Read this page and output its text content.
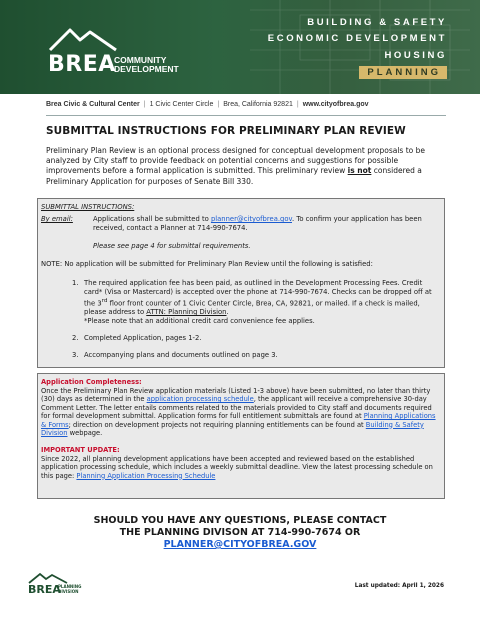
BREA
COMMUNITY
DEVELOPMENT
BUILDING & SAFETY
ECONOMIC DEVELOPMENT
HOUSING
PLANNING
Brea Civic & Cultural Center | 1 Civic Center Circle | Brea, California 92821 | www.cityofbrea.gov
SUBMITTAL INSTRUCTIONS FOR PRELIMINARY PLAN REVIEW

Preliminary Plan Review is an optional process designed for conceptual development proposals to be analyzed by City staff to provide feedback on potential concerns and suggestions for possible improvements before a formal application is submitted. This preliminary review is not considered a Preliminary Application for purposes of Senate Bill 330.

SUBMITTAL INSTRUCTIONS:
By email:	Applications shall be submitted to planner@cityofbrea.gov. To confirm your application has been received, contact a Planner at 714-990-7674.
Please see page 4 for submittal requirements.
NOTE: No application will be submitted for Preliminary Plan Review until the following is satisfied:
1. The required application fee has been paid, as outlined in the Development Processing Fees. Credit card* (Visa or Mastercard) is accepted over the phone at 714-990-7674. Checks can be dropped off at the 3rd floor front counter of 1 Civic Center Circle, Brea, CA, 92821, or mailed. If a check is mailed, please address to ATTN: Planning Division.
*Please note that an additional credit card convenience fee applies.
2. Completed Application, pages 1-2.
3. Accompanying plans and documents outlined on page 3.
Application Completeness:
Once the Preliminary Plan Review application materials (Listed 1-3 above) have been submitted, no later than thirty (30) days as determined in the application processing schedule, the applicant will receive a comprehensive 30-day Comment Letter. The letter entails comments related to the materials provided to City staff and documents required for formal development submittal. Application forms for full entitlement submittals are found at Planning Applications & Forms; direction on development projects not requiring planning entitlements can be found at Building & Safety Division webpage.
IMPORTANT UPDATE:
Since 2022, all planning development applications have been accepted and reviewed based on the established application processing schedule, which includes a weekly submittal deadline. View the latest processing schedule on this page: Planning Application Processing Schedule
SHOULD YOU HAVE ANY QUESTIONS, PLEASE CONTACT
THE PLANNING DIVISON AT 714-990-7674 OR
PLANNER@CITYOFBREA.GOV
BREA
PLANNING
DIVISION
Last updated: April 1, 2026
